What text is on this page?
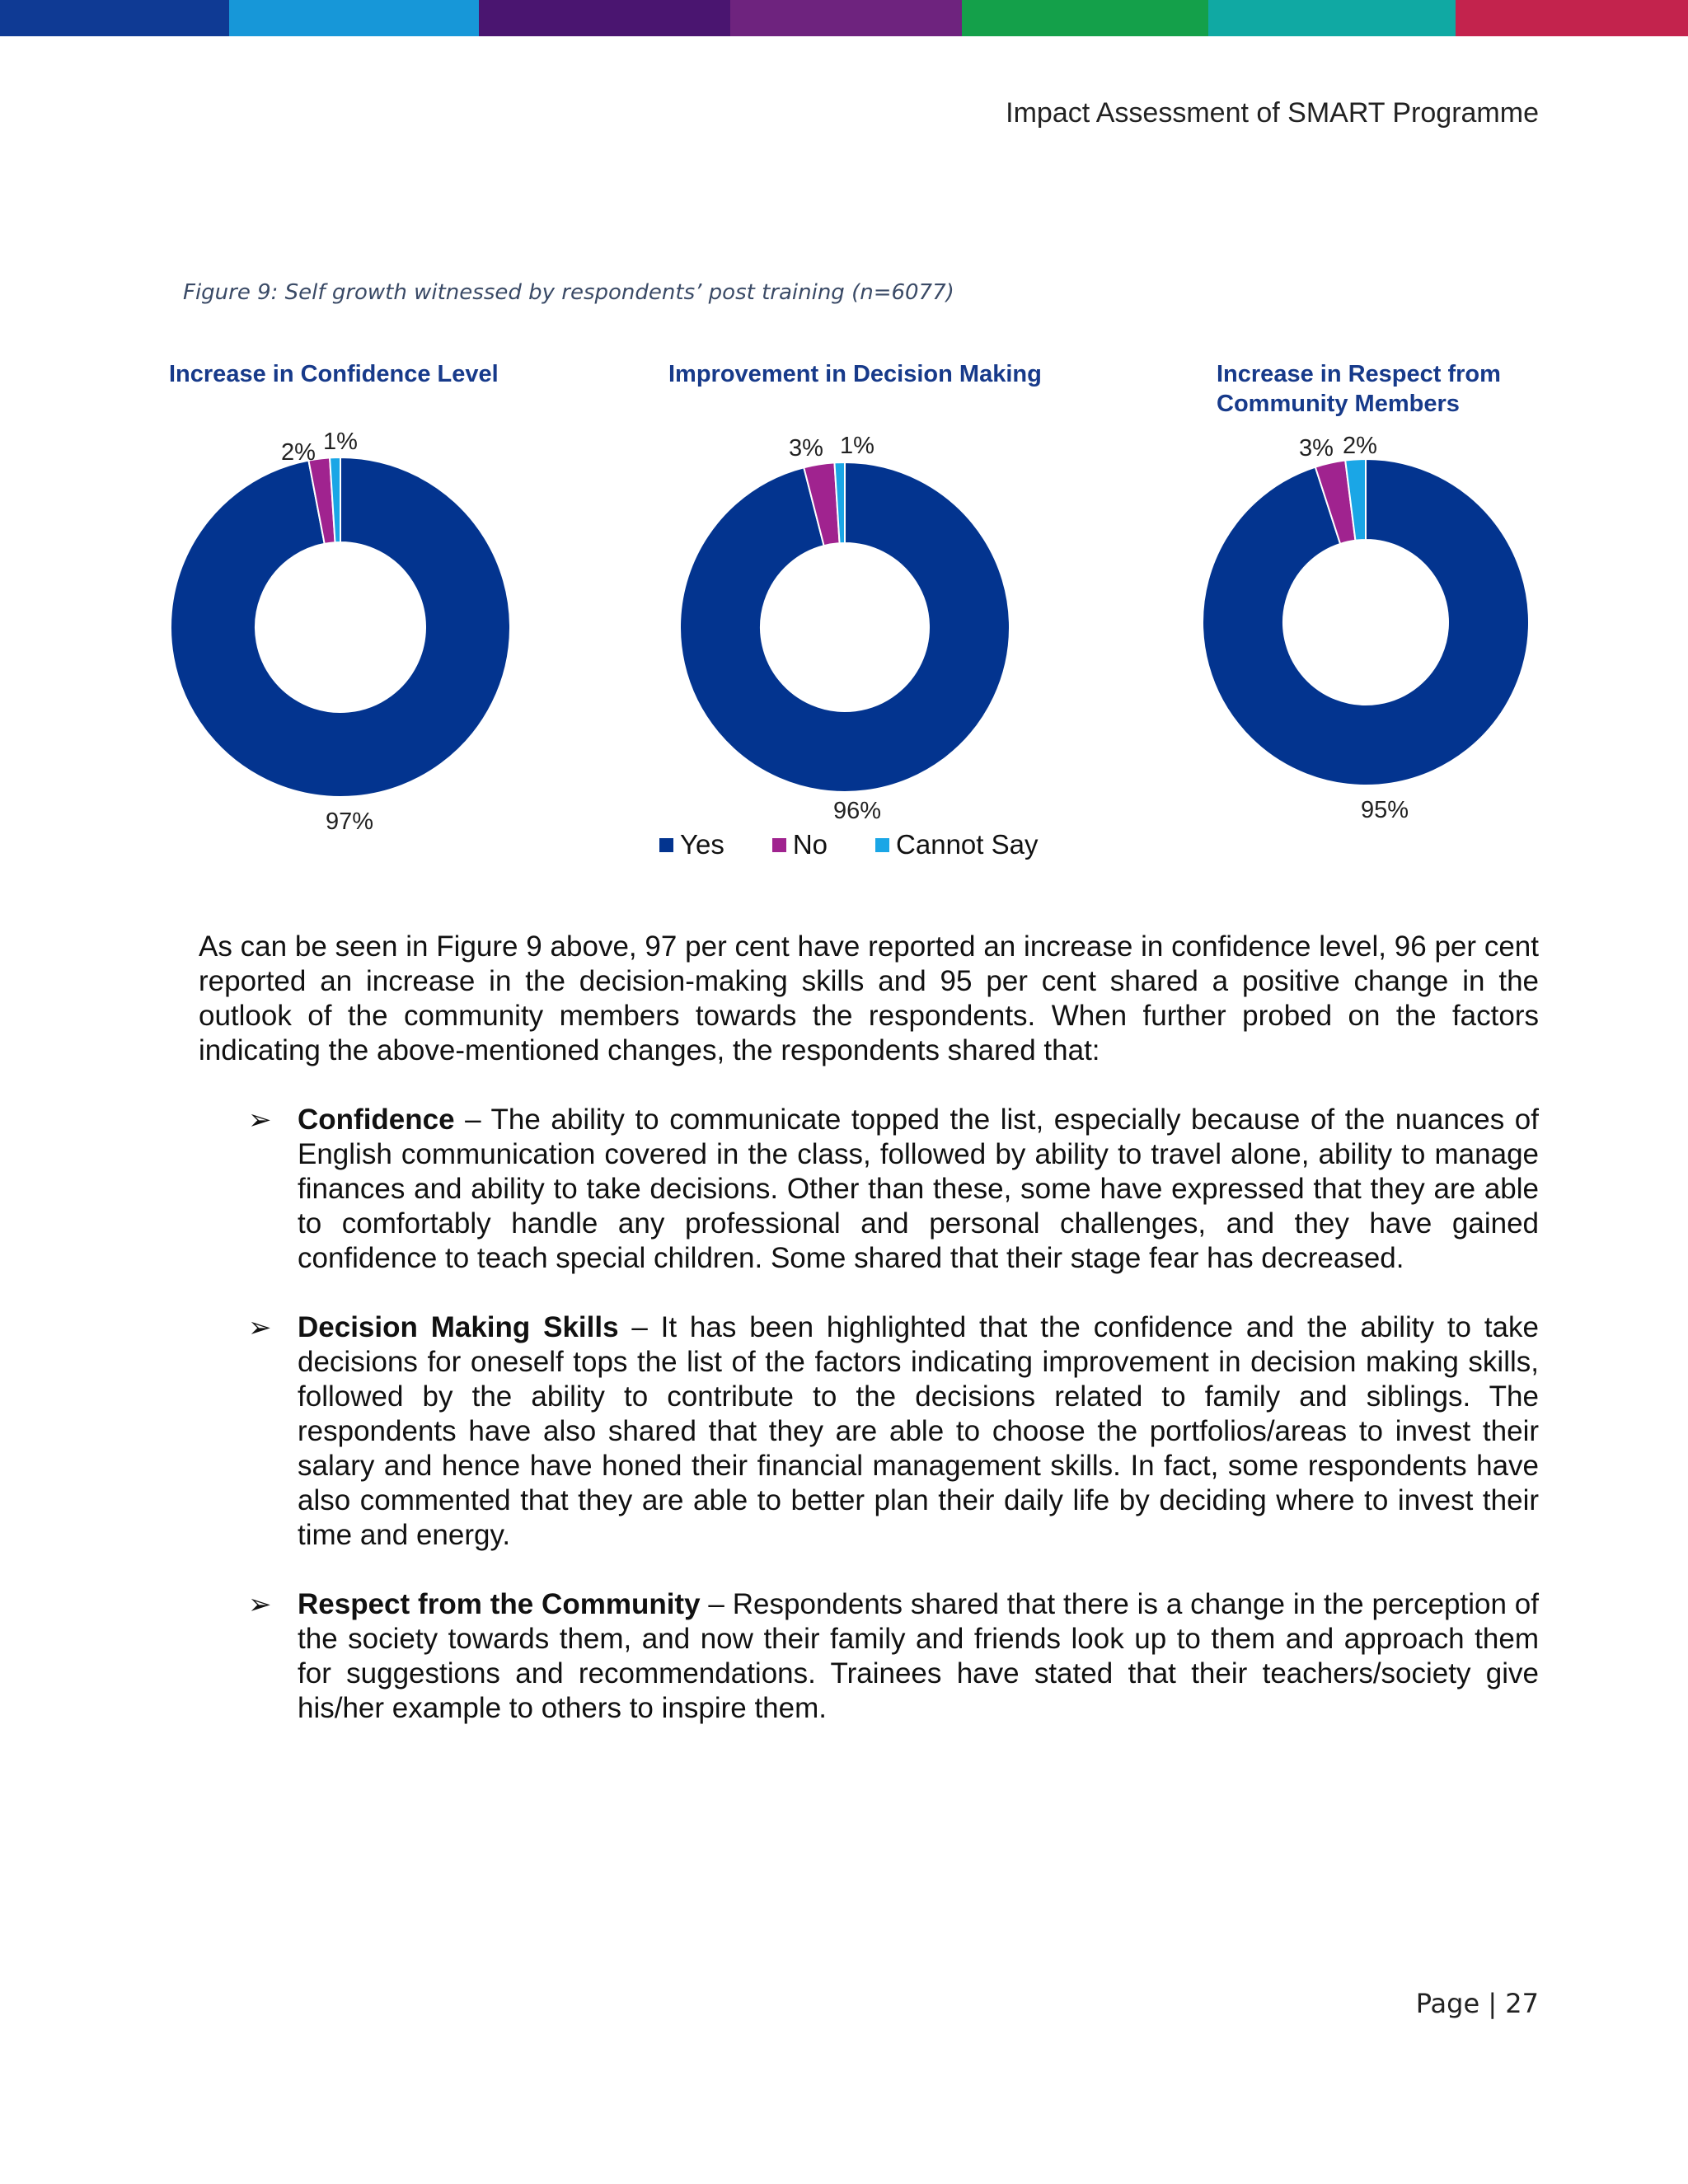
Impact Assessment of SMART Programme
Figure 9: Self growth witnessed by respondents’ post training (n=6077)
Increase in Confidence Level	Improvement in Decision Making	Increase in Respect from
Community Members
97%
2% 1%
96%
3% 1%
95%
3% 2%
Yes	No	Cannot Say

As can be seen in Figure 9 above, 97 per cent have reported an increase in confidence level, 96 per cent reported an increase in the decision-making skills and 95 per cent shared a positive change in the outlook of the community members towards the respondents. When further probed on the factors indicating the above-mentioned changes, the respondents shared that:

➢ Confidence – The ability to communicate topped the list, especially because of the nuances of English communication covered in the class, followed by ability to travel alone, ability to manage finances and ability to take decisions. Other than these, some have expressed that they are able to comfortably handle any professional and personal challenges, and they have gained confidence to teach special children. Some shared that their stage fear has decreased.

➢ Decision Making Skills – It has been highlighted that the confidence and the ability to take decisions for oneself tops the list of the factors indicating improvement in decision making skills, followed by the ability to contribute to the decisions related to family and siblings. The respondents have also shared that they are able to choose the portfolios/areas to invest their salary and hence have honed their financial management skills. In fact, some respondents have also commented that they are able to better plan their daily life by deciding where to invest their time and energy.

➢ Respect from the Community – Respondents shared that there is a change in the perception of the society towards them, and now their family and friends look up to them and approach them for suggestions and recommendations. Trainees have stated that their teachers/society give his/her example to others to inspire them.

Page | 27
